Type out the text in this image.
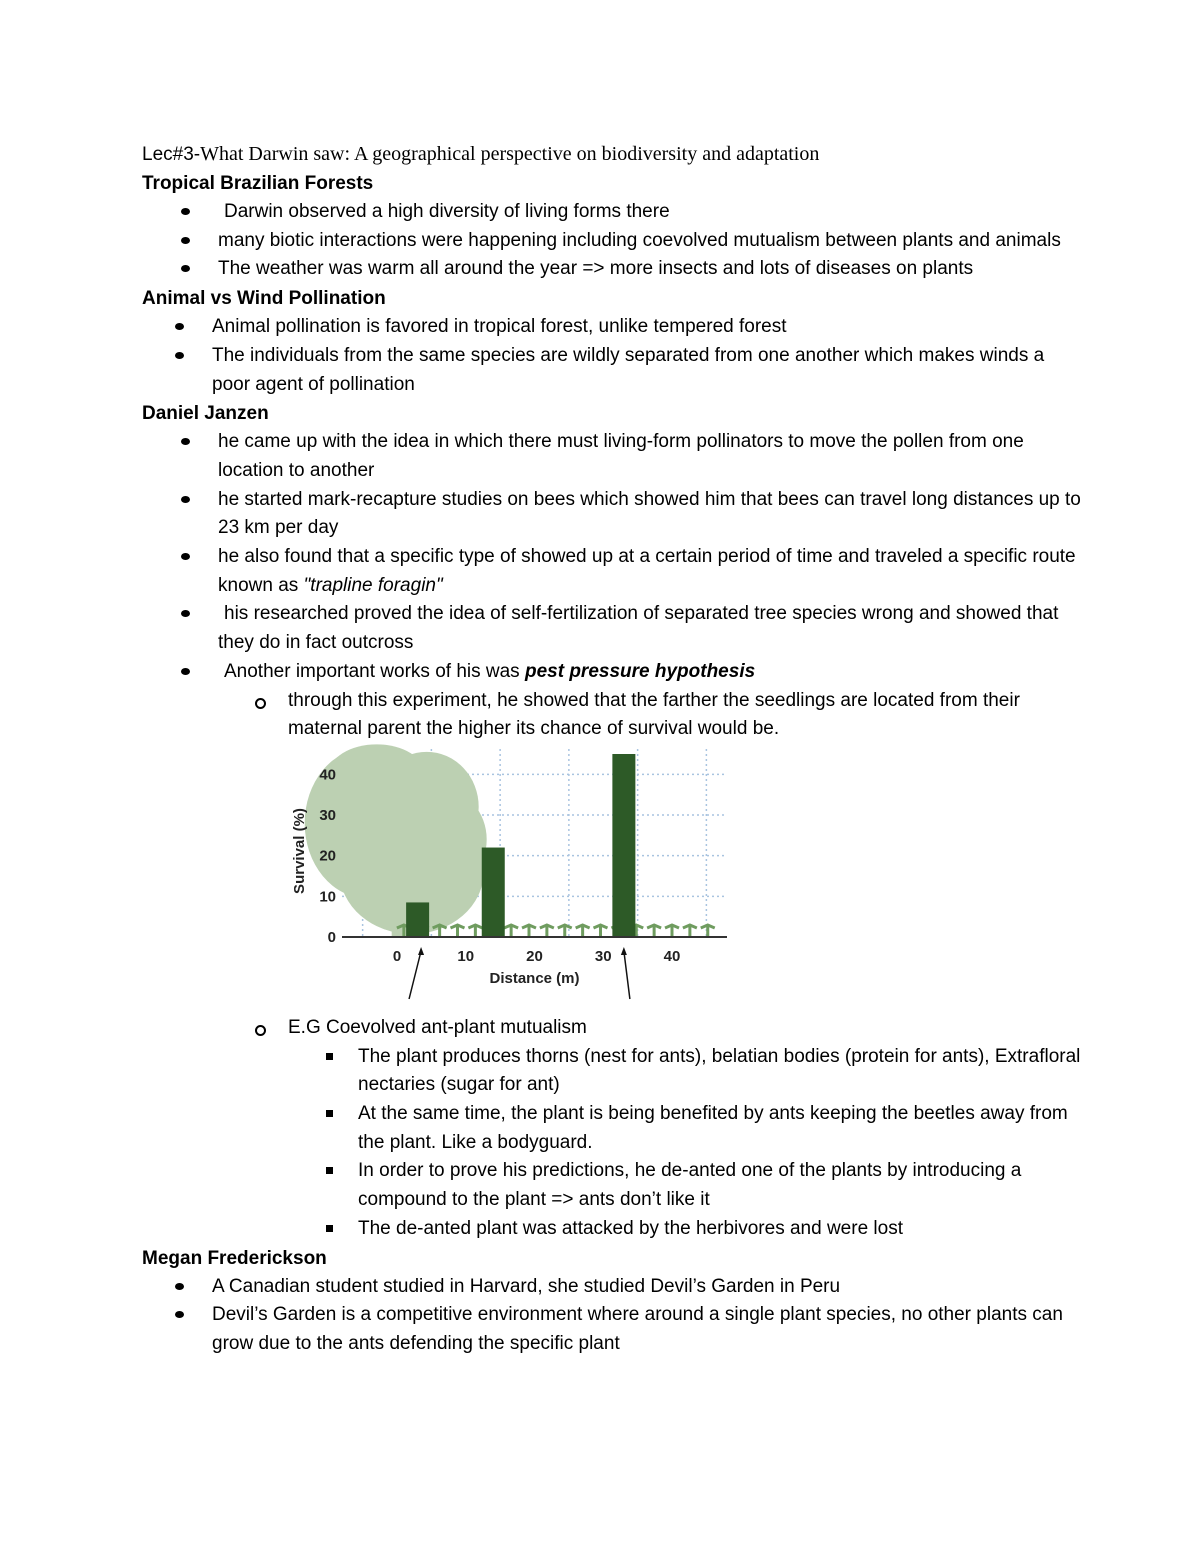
Lec#3-What Darwin saw: A geographical perspective on biodiversity and adaptation
Tropical Brazilian Forests
Darwin observed a high diversity of living forms there
many biotic interactions were happening including coevolved mutualism between plants and animals
The weather was warm all around the year => more insects and lots of diseases on plants
Animal vs Wind Pollination
Animal pollination is favored in tropical forest, unlike tempered forest
The individuals from the same species are wildly separated from one another which makes winds a poor agent of pollination
Daniel Janzen
he came up with the idea in which there must living-form pollinators to move the pollen from one location to another
he started mark-recapture studies on bees which showed him that bees can travel long distances up to 23 km per day
he also found that a specific type of showed up at a certain period of time and traveled a specific route known as "trapline foragin"
his researched proved the idea of self-fertilization of separated tree species wrong and showed that they do in fact outcross
Another important works of his was pest pressure hypothesis
through this experiment, he showed that the farther the seedlings are located from their maternal parent the higher its chance of survival would be.
0
10
20
30
40
0	10	20	30	40
Survival (%)
Distance (m)
E.G Coevolved ant-plant mutualism
The plant produces thorns (nest for ants), belatian bodies (protein for ants), Extrafloral nectaries (sugar for ant)
At the same time, the plant is being benefited by ants keeping the beetles away from the plant. Like a bodyguard.
In order to prove his predictions, he de-anted one of the plants by introducing a compound to the plant => ants don’t like it
The de-anted plant was attacked by the herbivores and were lost
Megan Frederickson
A Canadian student studied in Harvard, she studied Devil’s Garden in Peru
Devil’s Garden is a competitive environment where around a single plant species, no other plants can grow due to the ants defending the specific plant
